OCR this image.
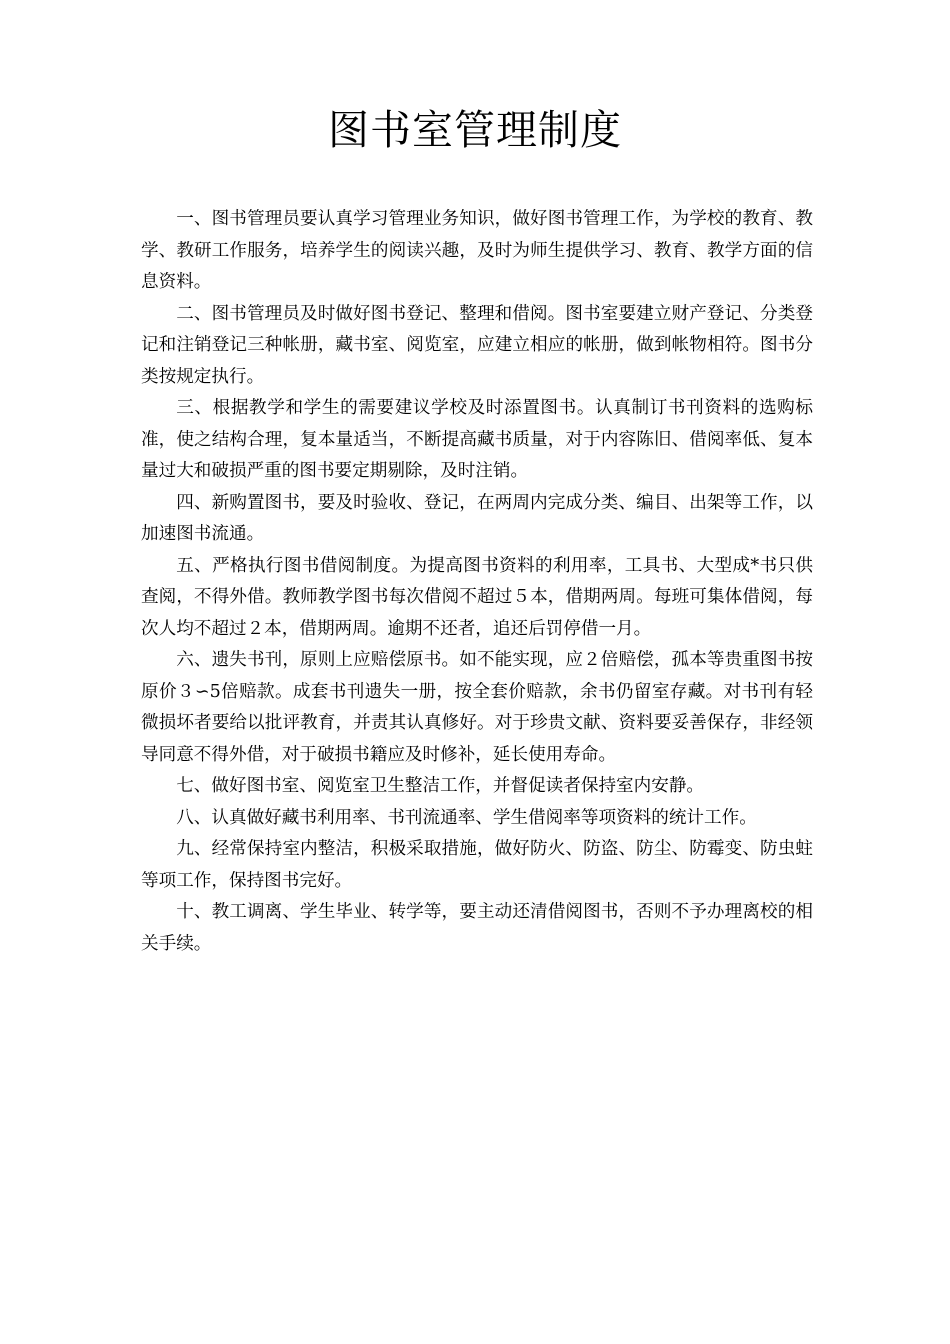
图书室管理制度

一、图书管理员要认真学习管理业务知识，做好图书管理工作，为学校的教育、教学、教研工作服务，培养学生的阅读兴趣，及时为师生提供学习、教育、教学方面的信息资料。

二、图书管理员及时做好图书登记、整理和借阅。图书室要建立财产登记、分类登记和注销登记三种帐册，藏书室、阅览室，应建立相应的帐册，做到帐物相符。图书分类按规定执行。

三、根据教学和学生的需要建议学校及时添置图书。认真制订书刊资料的选购标准，使之结构合理，复本量适当，不断提高藏书质量，对于内容陈旧、借阅率低、复本量过大和破损严重的图书要定期剔除，及时注销。

四、新购置图书，要及时验收、登记，在两周内完成分类、编目、出架等工作，以加速图书流通。

五、严格执行图书借阅制度。为提高图书资料的利用率，工具书、大型成*书只供查阅，不得外借。教师教学图书每次借阅不超过５本，借期两周。每班可集体借阅，每次人均不超过２本，借期两周。逾期不还者，追还后罚停借一月。

六、遗失书刊，原则上应赔偿原书。如不能实现，应２倍赔偿，孤本等贵重图书按原价３∽5倍赔款。成套书刊遗失一册，按全套价赔款，余书仍留室存藏。对书刊有轻微损坏者要给以批评教育，并责其认真修好。对于珍贵文献、资料要妥善保存，非经领导同意不得外借，对于破损书籍应及时修补，延长使用寿命。

七、做好图书室、阅览室卫生整洁工作，并督促读者保持室内安静。

八、认真做好藏书利用率、书刊流通率、学生借阅率等项资料的统计工作。

九、经常保持室内整洁，积极采取措施，做好防火、防盗、防尘、防霉变、防虫蛀等项工作，保持图书完好。

十、教工调离、学生毕业、转学等，要主动还清借阅图书，否则不予办理离校的相关手续。
